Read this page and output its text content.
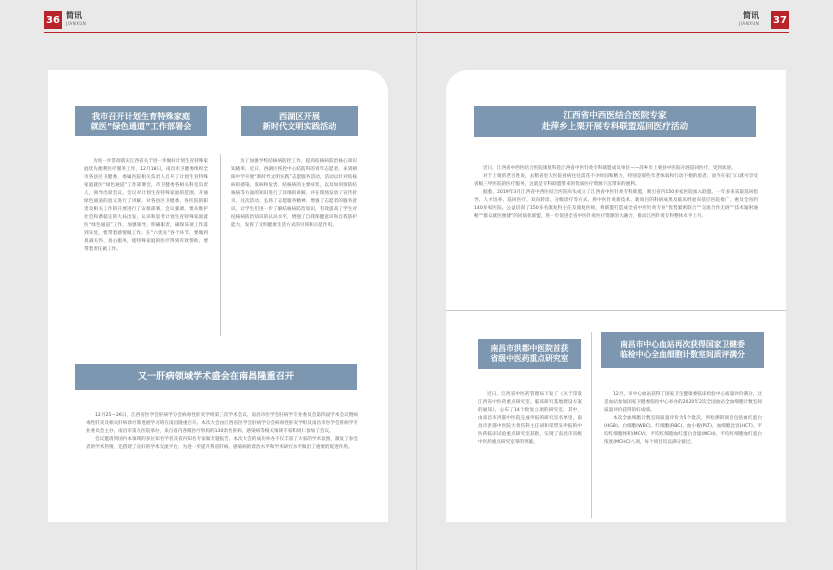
36 简讯
JIANXUN
我市召开计划生育特殊家庭
就医“绿色通道”工作部署会
为进一步贯彻落实江西省关于进一步做好计划生育特殊家庭优先便利医疗服务工作，12月18日，南昌市卫健委组织全市各县区卫健委、委属医院相关负责人召开了计划生育特殊家庭就医“绿色通道”工作部署会，市卫健委各相关科室负责人、领导出席会议。会议对计划生育特殊家庭的范围、开通绿色通道的意义进行了讲解，对各县区卫健委、各医院的职责及相关工作的开展进行了安排部署。会议强调，要从维护社会和谐稳定的大局出发，认识和思考计划生育特殊家庭就医“绿色通道”工作，加强领导，明确职责，确保该项工作落到实处，要带着感情做工作。在“六优先”各个环节，要做到真减关怀、真心服务，使特殊家庭的医疗得到有效帮助，要带着责任做工作。
西湖区开展
新时代文明实践活动
为了加强学校结核病防控工作，提高结核病防治核心知识知晓率，近日，西湖区疾控中心结防科的青年志愿者，来到朝阳中学开展“新时代文明实践”志愿服务活动。活动以针对结核病的感染、发病和危害、结核病的主要症状，以及如何预防结核病等方面的知识进行了详细的讲解，并在现场发放了宣传折页。这次活动，弘扬了志愿服务精神，增强了志愿者的服务意识，让学生们进一步了解结核病防治知识，有效提高了学生对结核病防治知识的认识水平，增强了自我保健意识和自我防护能力，发挥了文明健康生活方式的引领和示范作用。
又一肝病领域学术盛会在南昌隆重召开

12月25—26日，江西省医学会肝病学分会病毒性肝炎学组第三次学术会议、南昌市医学会肝病学专业委员会第四届学术会议暨病毒性肝炎及相关肝病诊疗新进展学习班在南昌隆重召开。本次大会由江西省医学会肝病学分会病毒性肝炎学组及南昌市医学会肝病学专业委员会主办，南昌市第九医院承办，来自省内各级医疗机构的130余名肝病、感染病等相关领域专家和同仁参加了会议。

会议邀请到国内本领域的多位知名学者及省内知名专家做专题报告。本次大会的成功举办不仅丰富了大家的学术氛围，激发了参会者的学术热情，还搭建了良好的学术交流平台，为进一步提升我省肝病、感染病的诊治水平和学术研究水平做出了重要的促进作用。

37
简讯
JIANXUN
江西省中西医结合医院专家
赴萍乡上栗开展专科联盟巡回医疗活动

近日，江西省中西医结合医院康复科赴江西省中医针灸专科联盟成员单位——萍乡市上栗县中医院开展巡回医疗，受到欢迎。

对于上栗的老百姓说，去稍省里大医院看病往往需花不少时间和精力，特别是那些年老体弱和行动不便的患者，而今在家门口就可享受省级三甲医院的医疗服务，这就是专科联盟带来的优质医疗资源下沉带来的便利。

据悉，2019年3月江西省中西医结合医院牵头成立了江西省中医针灸专科联盟，吸引省内150多家医院加入联盟。一年多来采取巡回指导、人才培养、巡回医疗、双向转诊、分级诊疗等方式，将中医针灸新技术、新项目的科研成果及临床经验向基层医院推广，惠及全省约140多家医院。公益培训了150多名康复科主任及康复医师，将联盟打造成全省中医针灸专业“优势紧密联合”“交流合作无碍”“技术辐射通畅”“群众就医便捷”的同质化联盟，进一步促进全省中医针灸医疗资源的大融合，推动江西针灸专科整体水平上升。

南昌市洪都中医院首获
省级中医药重点研究室
近日，江西省中医药管理局下发了《关于印发江西省中医药重点研究室、临床研究基地建设方案的通知》，公布了14个批复立项的研究室，其中，由南昌市洪都中医院完成申报的研究室名单里，南昌市洪都中医院大骨伤科主任胡和荣带头申报的中医药临床试验重点研究室获批，实现了南昌市省级中医药重点研究室零的突破。
南昌市中心血站再次获得国家卫健委
临检中心全血细胞计数室间质评满分

12月，市中心血站获得了国家卫生健康委临床检验中心质量评价满分，这是血站参加国家卫健委临检中心举办的2020年2次全国血站全血细胞计数室间质量评价获得的好成绩。

本次全血细胞计数室间质量评价为5个批次，所检测的项目包括血红蛋白(HGB)、白细胞(WBC)、红细胞(RBC)、血小板(PLT)、血细胞比容(HCT)、平均红细胞体积(MCV)、平均红细胞血红蛋白含量(MCH)、平均红细胞血红蛋白浓度(MCHC)八项，每个项目均以满分通过。
